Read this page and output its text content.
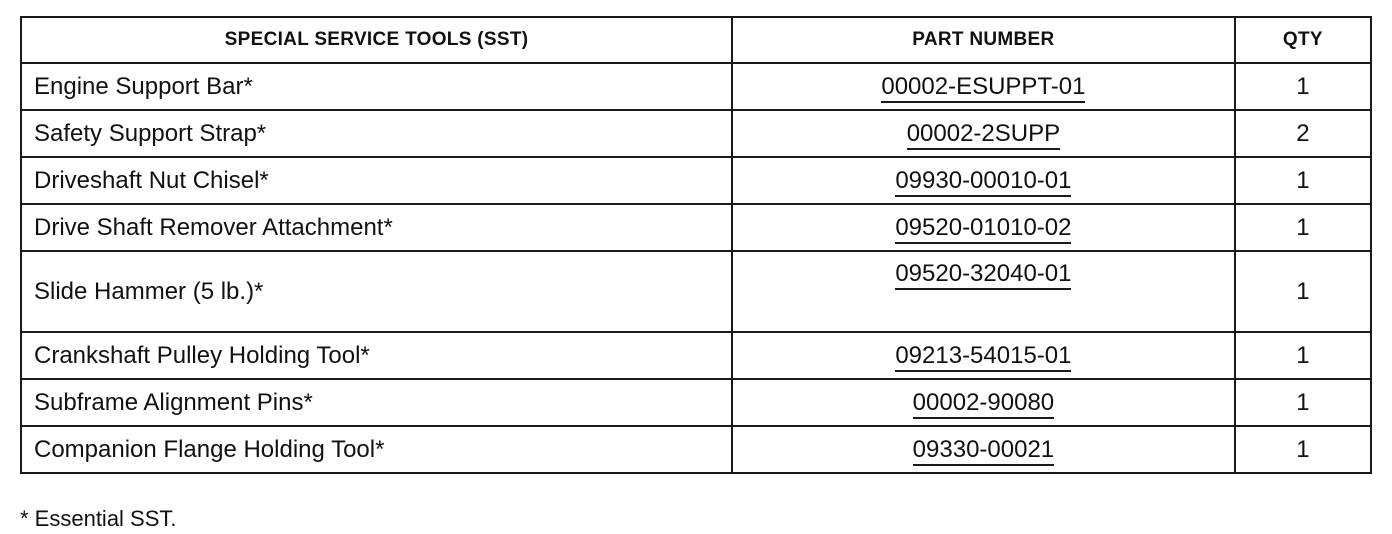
SPECIAL SERVICE TOOLS (SST)	PART NUMBER	QTY
Engine Support Bar*	00002-ESUPPT-01	1
Safety Support Strap*	00002-2SUPP	2
Driveshaft Nut Chisel*	09930-00010-01	1
Drive Shaft Remover Attachment*	09520-01010-02	1
Slide Hammer (5 lb.)*	09520-32040-01	1
Crankshaft Pulley Holding Tool*	09213-54015-01	1
Subframe Alignment Pins*	00002-90080	1
Companion Flange Holding Tool*	09330-00021	1

* Essential SST.
